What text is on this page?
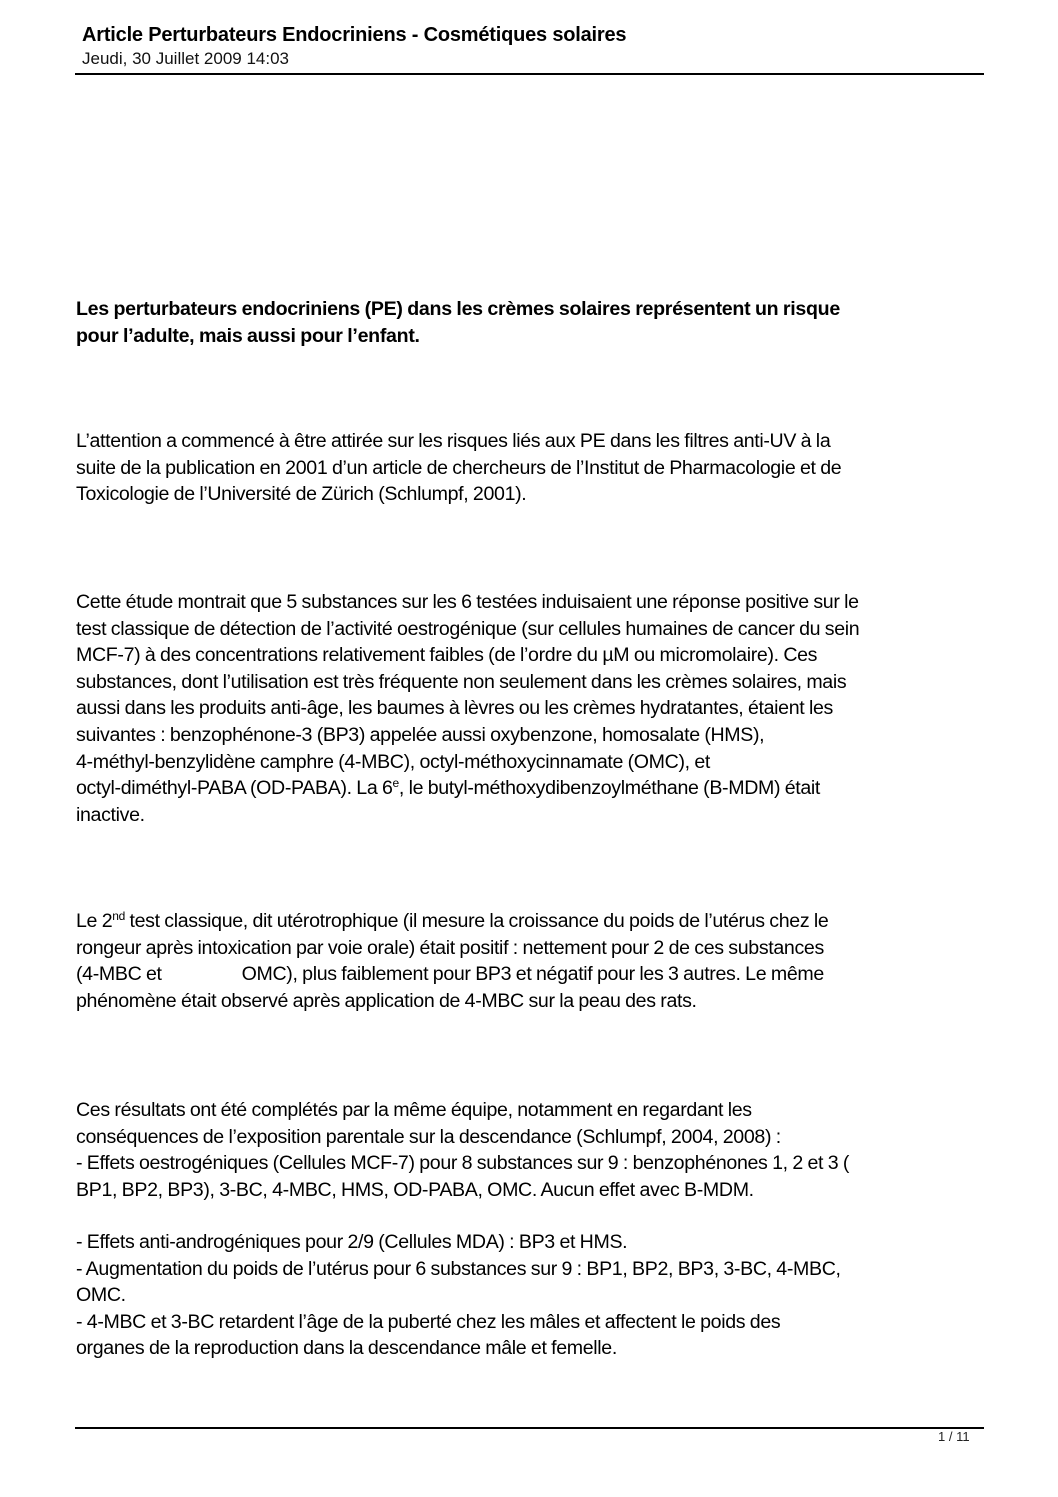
Article Perturbateurs Endocriniens - Cosmétiques solaires

Jeudi, 30 Juillet 2009 14:03

Les perturbateurs endocriniens (PE) dans les crèmes solaires représentent un risque
pour l’adulte, mais aussi pour l’enfant.

L’attention a commencé à être attirée sur les risques liés aux PE dans les filtres anti-UV à la
suite de la publication en 2001 d’un article de chercheurs de l’Institut de Pharmacologie et de
Toxicologie de l’Université de Zürich (Schlumpf, 2001).

Cette étude montrait que 5 substances sur les 6 testées induisaient une réponse positive sur le
test classique de détection de l’activité oestrogénique (sur cellules humaines de cancer du sein
MCF-7) à des concentrations relativement faibles (de l’ordre du µM ou micromolaire). Ces
substances, dont l’utilisation est très fréquente non seulement dans les crèmes solaires, mais
aussi dans les produits anti-âge, les baumes à lèvres ou les crèmes hydratantes, étaient les
suivantes : benzophénone-3 (BP3) appelée aussi oxybenzone, homosalate (HMS),
4-méthyl-benzylidène camphre (4-MBC), octyl-méthoxycinnamate (OMC), et
octyl-diméthyl-PABA (OD-PABA). La 6e, le butyl-méthoxydibenzoylméthane (B-MDM) était
inactive.

Le 2nd test classique, dit utérotrophique (il mesure la croissance du poids de l’utérus chez le
rongeur après intoxication par voie orale) était positif : nettement pour 2 de ces substances
(4-MBC et	OMC), plus faiblement pour BP3 et négatif pour les 3 autres. Le même
phénomène était observé après application de 4-MBC sur la peau des rats.

Ces résultats ont été complétés par la même équipe, notamment en regardant les
conséquences de l’exposition parentale sur la descendance (Schlumpf, 2004, 2008) :
- Effets oestrogéniques (Cellules MCF-7) pour 8 substances sur 9 : benzophénones 1, 2 et 3 (
BP1, BP2, BP3), 3-BC, 4-MBC, HMS, OD-PABA, OMC. Aucun effet avec B-MDM.

- Effets anti-androgéniques pour 2/9 (Cellules MDA) : BP3 et HMS.
- Augmentation du poids de l’utérus pour 6 substances sur 9 : BP1, BP2, BP3, 3-BC, 4-MBC,
OMC.
- 4-MBC et 3-BC retardent l’âge de la puberté chez les mâles et affectent le poids des
organes de la reproduction dans la descendance mâle et femelle.

1 / 11
